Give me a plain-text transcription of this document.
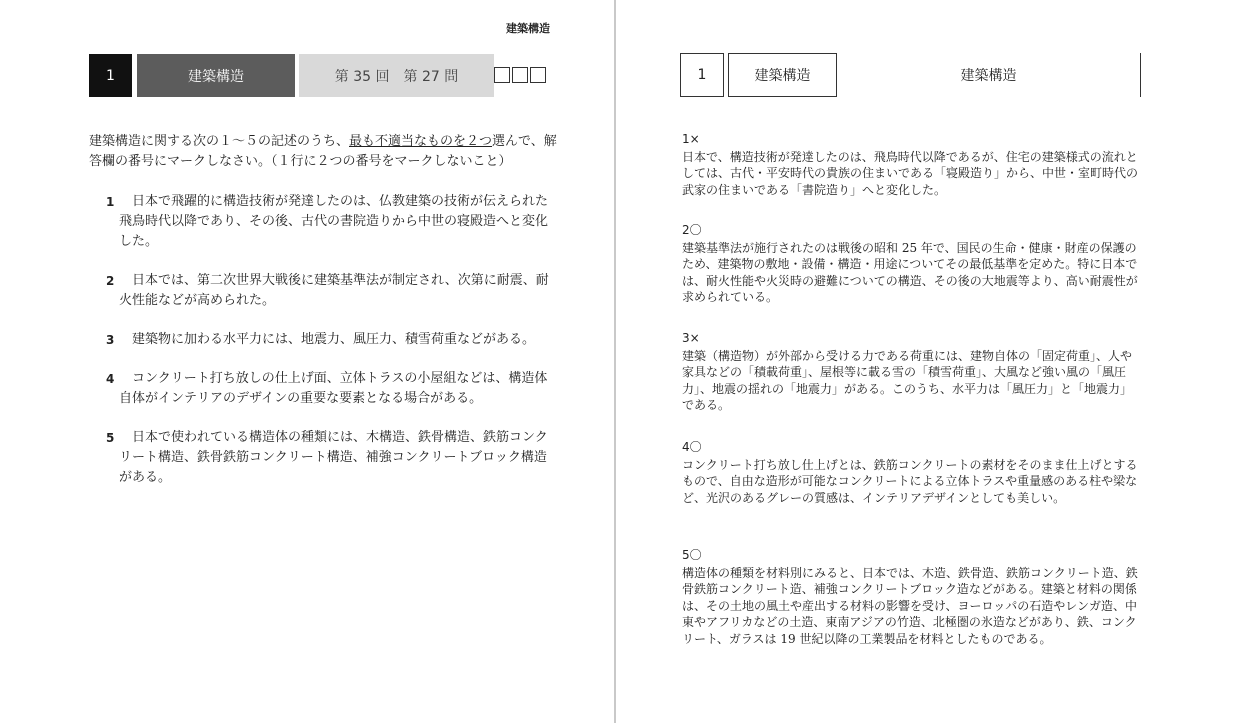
建築構造
1	建築構造	第 35 回　第 27 問
建築構造に関する次の１～５の記述のうち、最も不適当なものを２つ選んで、解答欄の番号にマークしなさい。（１行に２つの番号をマークしないこと）
1	日本で飛躍的に構造技術が発達したのは、仏教建築の技術が伝えられた飛鳥時代以降であり、その後、古代の書院造りから中世の寝殿造へと変化した。
2	日本では、第二次世界大戦後に建築基準法が制定され、次第に耐震、耐火性能などが高められた。
3	建築物に加わる水平力には、地震力、風圧力、積雪荷重などがある。
4	コンクリート打ち放しの仕上げ面、立体トラスの小屋組などは、構造体自体がインテリアのデザインの重要な要素となる場合がある。
5	日本で使われている構造体の種類には、木構造、鉄骨構造、鉄筋コンクリート構造、鉄骨鉄筋コンクリート構造、補強コンクリートブロック構造がある。
1	建築構造	建築構造
1×

日本で、構造技術が発達したのは、飛鳥時代以降であるが、住宅の建築様式の流れとしては、古代・平安時代の貴族の住まいである「寝殿造り」から、中世・室町時代の武家の住まいである「書院造り」へと変化した。

2〇

建築基準法が施行されたのは戦後の昭和 25 年で、国民の生命・健康・財産の保護のため、建築物の敷地・設備・構造・用途についてその最低基準を定めた。特に日本では、耐火性能や火災時の避難についての構造、その後の大地震等より、高い耐震性が求められている。

3×

建築（構造物）が外部から受ける力である荷重には、建物自体の「固定荷重」、人や家具などの「積載荷重」、屋根等に載る雪の「積雪荷重」、大風など強い風の「風圧力」、地震の揺れの「地震力」がある。このうち、水平力は「風圧力」と「地震力」である。

4〇

コンクリート打ち放し仕上げとは、鉄筋コンクリートの素材をそのまま仕上げとするもので、自由な造形が可能なコンクリートによる立体トラスや重量感のある柱や梁など、光沢のあるグレーの質感は、インテリアデザインとしても美しい。

5〇

構造体の種類を材料別にみると、日本では、木造、鉄骨造、鉄筋コンクリート造、鉄骨鉄筋コンクリート造、補強コンクリートブロック造などがある。建築と材料の関係は、その土地の風土や産出する材料の影響を受け、ヨーロッパの石造やレンガ造、中東やアフリカなどの土造、東南アジアの竹造、北極圏の氷造などがあり、鉄、コンクリート、ガラスは 19 世紀以降の工業製品を材料としたものである。
